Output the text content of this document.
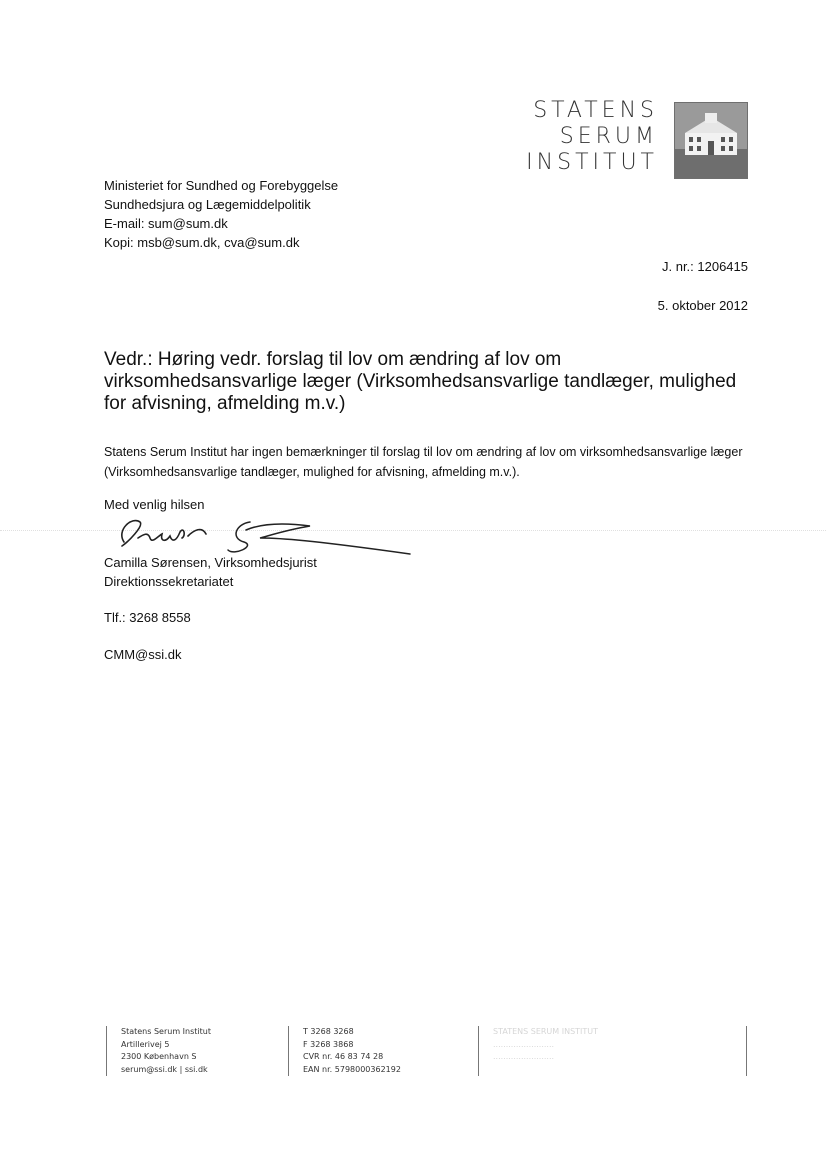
STATENS
SERUM
INSTITUT
Ministeriet for Sundhed og Forebyggelse
Sundhedsjura og Lægemiddelpolitik
E-mail: sum@sum.dk
Kopi: msb@sum.dk, cva@sum.dk
J. nr.: 1206415
5. oktober 2012
Vedr.: Høring vedr. forslag til lov om ændring af lov om virksomhedsansvarlige læger (Virksomhedsansvarlige tandlæger, mulighed for afvisning, afmelding m.v.)
Statens Serum Institut har ingen bemærkninger til forslag til lov om ændring af lov om virksomhedsansvarlige læger (Virksomhedsansvarlige tandlæger, mulighed for afvisning, afmelding m.v.).
Med venlig hilsen
Camilla Sørensen, Virksomhedsjurist
Direktionssekretariatet
Tlf.: 3268 8558
CMM@ssi.dk
Statens Serum Institut
Artillerivej 5
2300 København S
serum@ssi.dk | ssi.dk
T 3268 3268
F 3268 3868
CVR nr. 46 83 74 28
EAN nr. 5798000362192
STATENS SERUM INSTITUT
........................
........................
